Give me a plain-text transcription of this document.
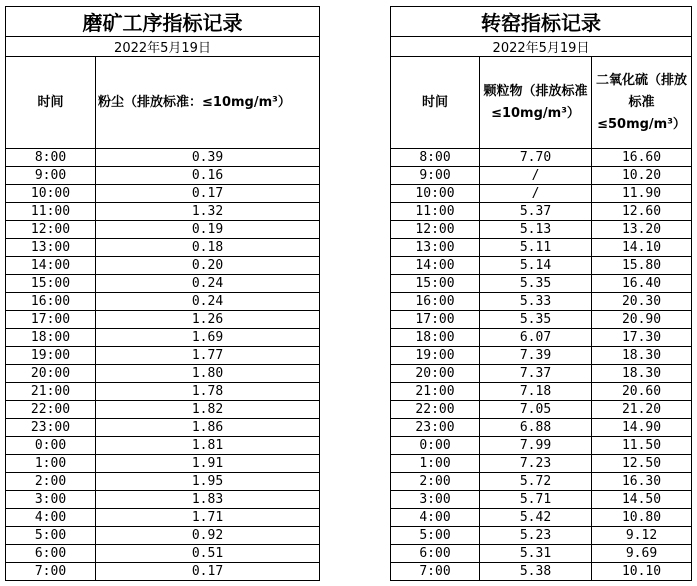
磨矿工序指标记录	
2022年5月19日	
时间	粉尘（排放标准：≤10mg/m³）
8:00	0.39
9:00	0.16
10:00	0.17
11:00	1.32
12:00	0.19
13:00	0.18
14:00	0.20
15:00	0.24
16:00	0.24
17:00	1.26
18:00	1.69
19:00	1.77
20:00	1.80
21:00	1.78
22:00	1.82
23:00	1.86
0:00	1.81
1:00	1.91
2:00	1.95
3:00	1.83
4:00	1.71
5:00	0.92
6:00	0.51
7:00	0.17
转窑指标记录		
2022年5月19日		
时间	颗粒物（排放标准≤10mg/m³）	二氧化硫（排放标准≤50mg/m³）
8:00	7.70	16.60
9:00	/	10.20
10:00	/	11.90
11:00	5.37	12.60
12:00	5.13	13.20
13:00	5.11	14.10
14:00	5.14	15.80
15:00	5.35	16.40
16:00	5.33	20.30
17:00	5.35	20.90
18:00	6.07	17.30
19:00	7.39	18.30
20:00	7.37	18.30
21:00	7.18	20.60
22:00	7.05	21.20
23:00	6.88	14.90
0:00	7.99	11.50
1:00	7.23	12.50
2:00	5.72	16.30
3:00	5.71	14.50
4:00	5.42	10.80
5:00	5.23	9.12
6:00	5.31	9.69
7:00	5.38	10.10
